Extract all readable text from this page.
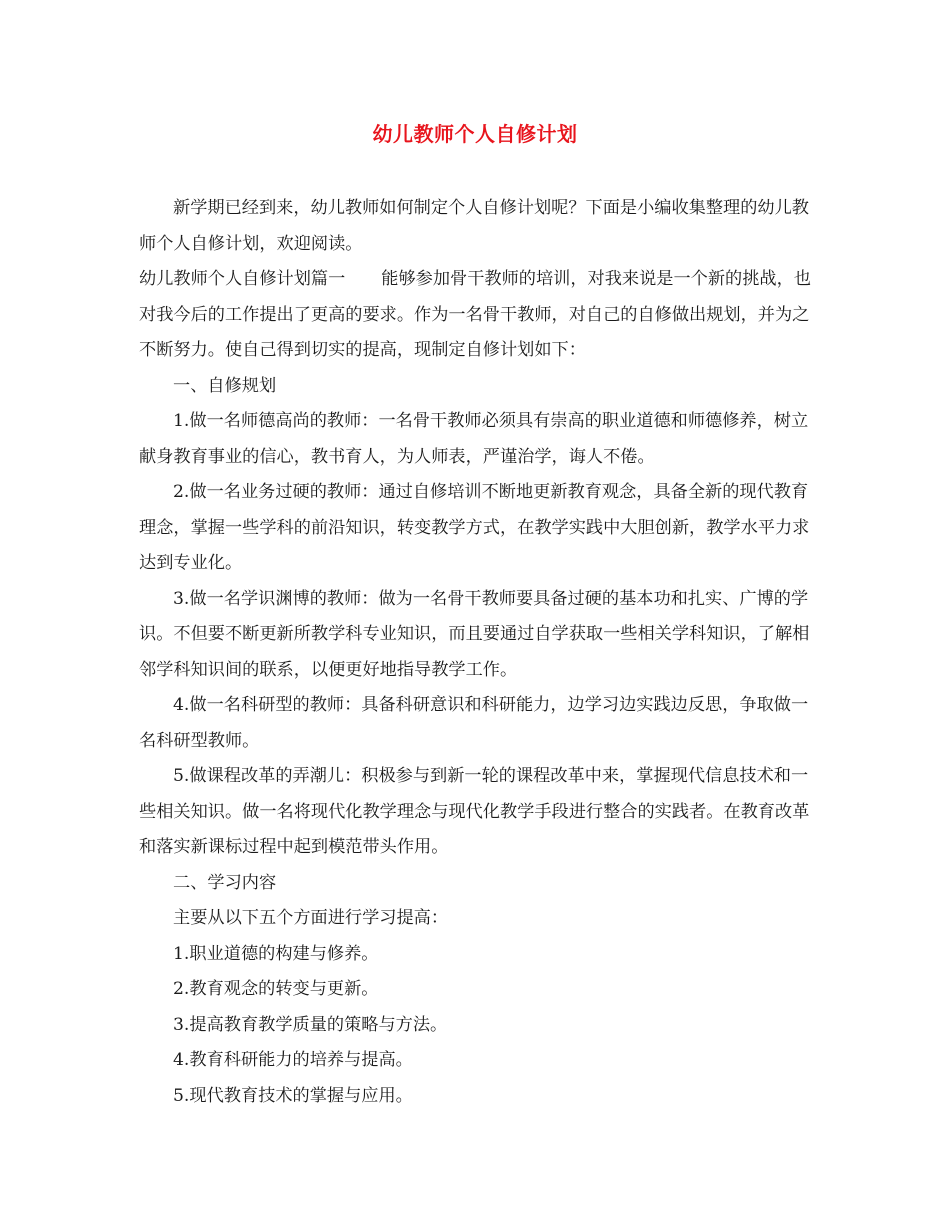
幼儿教师个人自修计划

新学期已经到来，幼儿教师如何制定个人自修计划呢？下面是小编收集整理的幼儿教师个人自修计划，欢迎阅读。

幼儿教师个人自修计划篇一 能够参加骨干教师的培训，对我来说是一个新的挑战，也对我今后的工作提出了更高的要求。作为一名骨干教师，对自己的自修做出规划，并为之不断努力。使自己得到切实的提高，现制定自修计划如下：

一、自修规划

1.做一名师德高尚的教师：一名骨干教师必须具有崇高的职业道德和师德修养，树立献身教育事业的信心，教书育人，为人师表，严谨治学，诲人不倦。

2.做一名业务过硬的教师：通过自修培训不断地更新教育观念，具备全新的现代教育理念，掌握一些学科的前沿知识，转变教学方式，在教学实践中大胆创新，教学水平力求达到专业化。

3.做一名学识渊博的教师：做为一名骨干教师要具备过硬的基本功和扎实、广博的学识。不但要不断更新所教学科专业知识，而且要通过自学获取一些相关学科知识，了解相邻学科知识间的联系，以便更好地指导教学工作。

4.做一名科研型的教师：具备科研意识和科研能力，边学习边实践边反思，争取做一名科研型教师。

5.做课程改革的弄潮儿：积极参与到新一轮的课程改革中来，掌握现代信息技术和一些相关知识。做一名将现代化教学理念与现代化教学手段进行整合的实践者。在教育改革和落实新课标过程中起到模范带头作用。

二、学习内容

主要从以下五个方面进行学习提高：

1.职业道德的构建与修养。

2.教育观念的转变与更新。

3.提高教育教学质量的策略与方法。

4.教育科研能力的培养与提高。

5.现代教育技术的掌握与应用。
